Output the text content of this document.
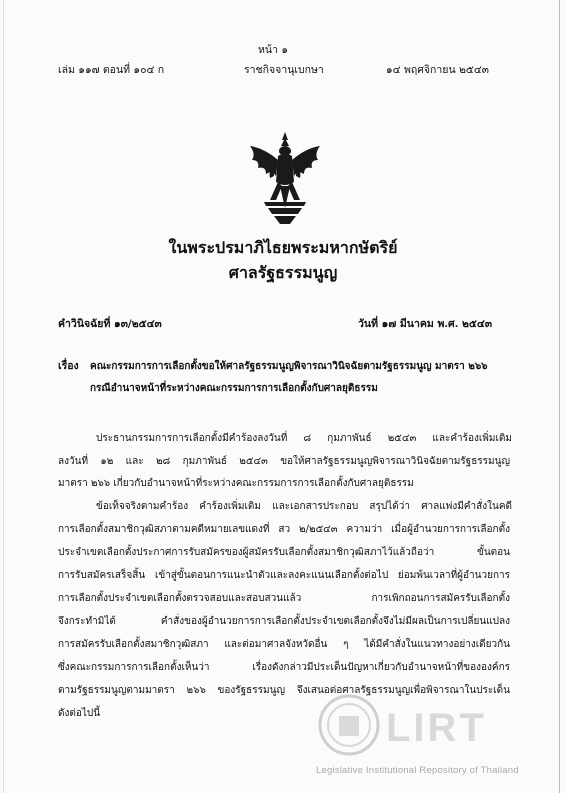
หน้า ๑
เล่ม ๑๑๗ ตอนที่ ๑๐๔ ก	ราชกิจจานุเบกษา	๑๔ พฤศจิกายน ๒๕๔๓
ในพระปรมาภิไธยพระมหากษัตริย์
ศาลรัฐธรรมนูญ
คำวินิจฉัยที่ ๑๓/๒๕๔๓	วันที่ ๑๗ มีนาคม พ.ศ. ๒๕๔๓
เรื่อง คณะกรรมการการเลือกตั้งขอให้ศาลรัฐธรรมนูญพิจารณาวินิจฉัยตามรัฐธรรมนูญ มาตรา ๒๖๖
กรณีอำนาจหน้าที่ระหว่างคณะกรรมการการเลือกตั้งกับศาลยุติธรรม
ประธานกรรมการการเลือกตั้งมีคำร้องลงวันที่ ๘ กุมภาพันธ์ ๒๕๔๓ และคำร้องเพิ่มเติม
ลงวันที่ ๑๒ และ ๒๘ กุมภาพันธ์ ๒๕๔๓ ขอให้ศาลรัฐธรรมนูญพิจารณาวินิจฉัยตามรัฐธรรมนูญ
มาตรา ๒๖๖ เกี่ยวกับอำนาจหน้าที่ระหว่างคณะกรรมการการเลือกตั้งกับศาลยุติธรรม
ข้อเท็จจริงตามคำร้อง คำร้องเพิ่มเติม และเอกสารประกอบ สรุปได้ว่า ศาลแพ่งมีคำสั่งในคดี
การเลือกตั้งสมาชิกวุฒิสภาตามคดีหมายเลขแดงที่ สว ๒/๒๕๔๓ ความว่า เมื่อผู้อำนวยการการเลือกตั้ง
ประจำเขตเลือกตั้งประกาศการรับสมัครของผู้สมัครรับเลือกตั้งสมาชิกวุฒิสภาไว้แล้วถือว่า ขั้นตอน
การรับสมัครเสร็จสิ้น เข้าสู่ขั้นตอนการแนะนำตัวและลงคะแนนเลือกตั้งต่อไป ย่อมพ้นเวลาที่ผู้อำนวยการ
การเลือกตั้งประจำเขตเลือกตั้งตรวจสอบและสอบสวนแล้ว การเพิกถอนการสมัครรับเลือกตั้ง
จึงกระทำมิได้ คำสั่งของผู้อำนวยการการเลือกตั้งประจำเขตเลือกตั้งจึงไม่มีผลเป็นการเปลี่ยนแปลง
การสมัครรับเลือกตั้งสมาชิกวุฒิสภา และต่อมาศาลจังหวัดอื่น ๆ ได้มีคำสั่งในแนวทางอย่างเดียวกัน
ซึ่งคณะกรรมการการเลือกตั้งเห็นว่า เรื่องดังกล่าวมีประเด็นปัญหาเกี่ยวกับอำนาจหน้าที่ขององค์กร
ตามรัฐธรรมนูญตามมาตรา ๒๖๖ ของรัฐธรรมนูญ จึงเสนอต่อศาลรัฐธรรมนูญเพื่อพิจารณาในประเด็น
ดังต่อไปนี้	LIRT
Legislative Institutional Repository of Thailand
